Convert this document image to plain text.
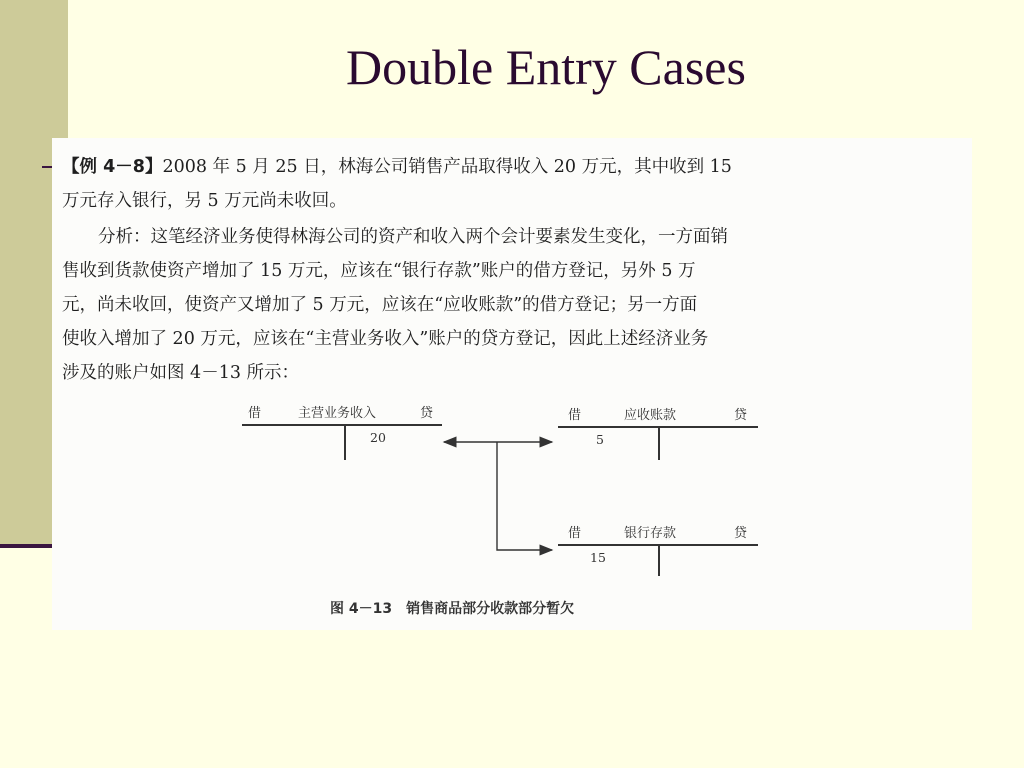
Double Entry Cases
【例 4－8】2008 年 5 月 25 日，林海公司销售产品取得收入 20 万元，其中收到 15
万元存入银行，另 5 万元尚未收回。
分析：这笔经济业务使得林海公司的资产和收入两个会计要素发生变化，一方面销
售收到货款使资产增加了 15 万元，应该在“银行存款”账户的借方登记，另外 5 万
元，尚未收回，使资产又增加了 5 万元，应该在“应收账款”的借方登记；另一方面
使收入增加了 20 万元，应该在“主营业务收入”账户的贷方登记，因此上述经济业务
涉及的账户如图 4－13 所示：
借	主营业务收入	贷
20
借	应收账款	贷
5
借	银行存款	贷
15
图 4－13　销售商品部分收款部分暂欠
